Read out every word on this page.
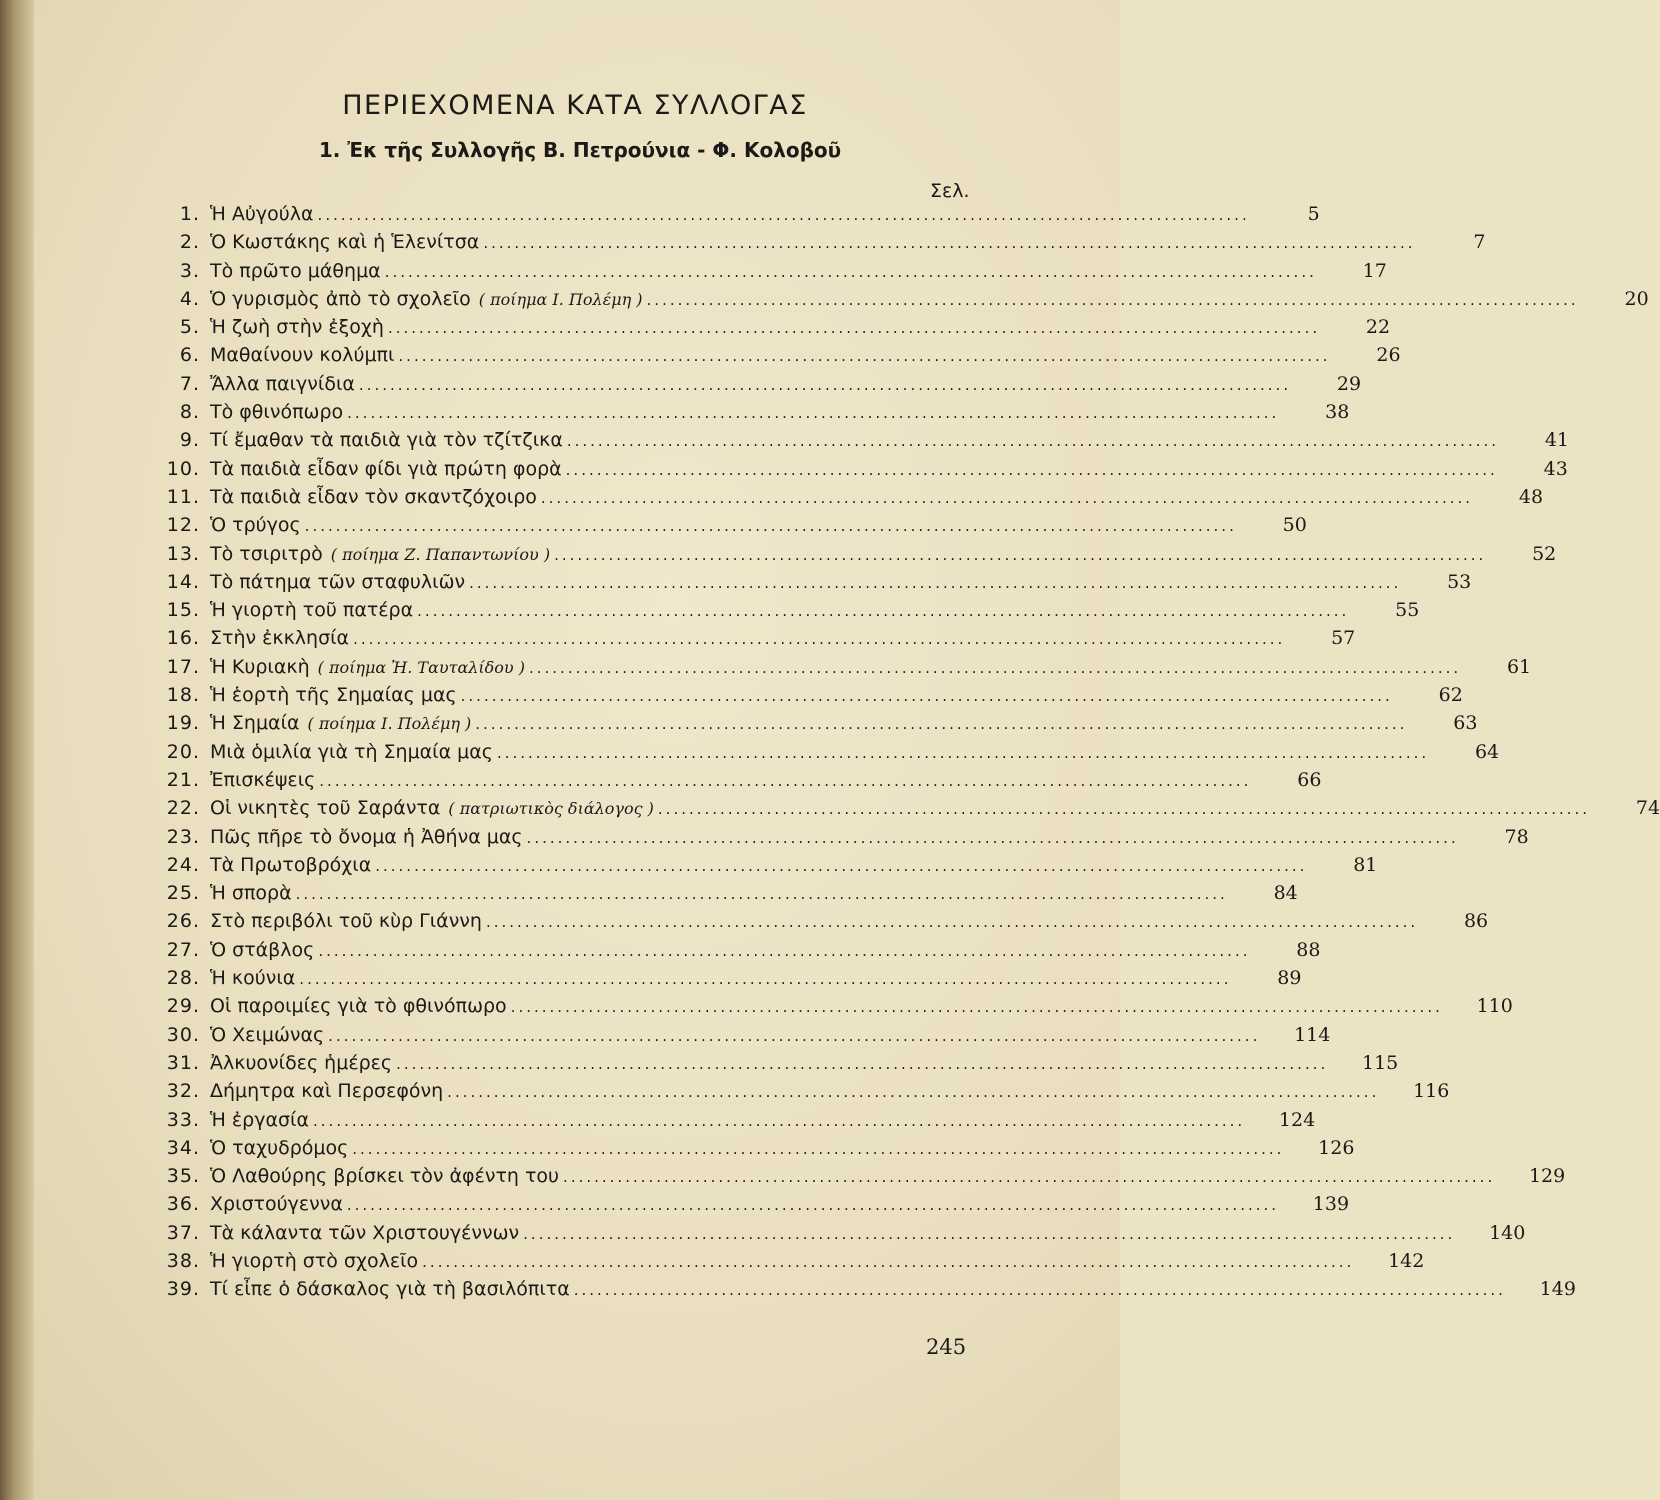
ΠΕΡΙΕΧΟΜΕΝΑ ΚΑΤΑ ΣΥΛΛΟΓΑΣ
1. Ἐκ τῆς Συλλογῆς Β. Πετρούνια - Φ. Κολοβοῦ
Σελ.
1. Ἡ Αὐγούλα ........................................................................................................................	5
2. Ὁ Κωστάκης καὶ ἡ Ἑλενίτσα ........................................................................................................................	7
3. Τὸ πρῶτο μάθημα ........................................................................................................................	17
4. Ὁ γυρισμὸς ἀπὸ τὸ σχολεῖο ( ποίημα Ι. Πολέμη ) ........................................................................................................................	20
5. Ἡ ζωὴ στὴν ἐξοχὴ ........................................................................................................................	22
6. Μαθαίνουν κολύμπι ........................................................................................................................	26
7. Ἄλλα παιγνίδια ........................................................................................................................	29
8. Τὸ φθινόπωρο ........................................................................................................................	38
9. Τί ἔμαθαν τὰ παιδιὰ γιὰ τὸν τζίτζικα ........................................................................................................................	41
10. Τὰ παιδιὰ εἶδαν φίδι γιὰ πρώτη φορὰ ........................................................................................................................	43
11. Τὰ παιδιὰ εἶδαν τὸν σκαντζόχοιρο ........................................................................................................................	48
12. Ὁ τρύγος ........................................................................................................................	50
13. Τὸ τσιριτρὸ ( ποίημα Ζ. Παπαντωνίου ) ........................................................................................................................	52
14. Τὸ πάτημα τῶν σταφυλιῶν ........................................................................................................................	53
15. Ἡ γιορτὴ τοῦ πατέρα ........................................................................................................................	55
16. Στὴν ἐκκλησία ........................................................................................................................	57
17. Ἡ Κυριακὴ ( ποίημα Ἠ. Ταυταλίδου ) ........................................................................................................................	61
18. Ἡ ἑορτὴ τῆς Σημαίας μας ........................................................................................................................	62
19. Ἡ Σημαία ( ποίημα Ι. Πολέμη ) ........................................................................................................................	63
20. Μιὰ ὁμιλία γιὰ τὴ Σημαία μας ........................................................................................................................	64
21. Ἐπισκέψεις ........................................................................................................................	66
22. Οἱ νικητὲς τοῦ Σαράντα ( πατριωτικὸς διάλογος ) ........................................................................................................................	74
23. Πῶς πῆρε τὸ ὄνομα ἡ Ἀθήνα μας ........................................................................................................................	78
24. Τὰ Πρωτοβρόχια ........................................................................................................................	81
25. Ἡ σπορὰ ........................................................................................................................	84
26. Στὸ περιβόλι τοῦ κὺρ Γιάννη ........................................................................................................................	86
27. Ὁ στάβλος ........................................................................................................................	88
28. Ἡ κούνια ........................................................................................................................	89
29. Οἱ παροιμίες γιὰ τὸ φθινόπωρο ........................................................................................................................	110
30. Ὁ Χειμώνας ........................................................................................................................	114
31. Ἀλκυονίδες ἡμέρες ........................................................................................................................	115
32. Δήμητρα καὶ Περσεφόνη ........................................................................................................................	116
33. Ἡ ἐργασία ........................................................................................................................	124
34. Ὁ ταχυδρόμος ........................................................................................................................	126
35. Ὁ Λαθούρης βρίσκει τὸν ἀφέντη του ........................................................................................................................	129
36. Χριστούγεννα ........................................................................................................................	139
37. Τὰ κάλαντα τῶν Χριστουγέννων ........................................................................................................................	140
38. Ἡ γιορτὴ στὸ σχολεῖο ........................................................................................................................	142
39. Τί εἶπε ὁ δάσκαλος γιὰ τὴ βασιλόπιτα ........................................................................................................................	149
245
